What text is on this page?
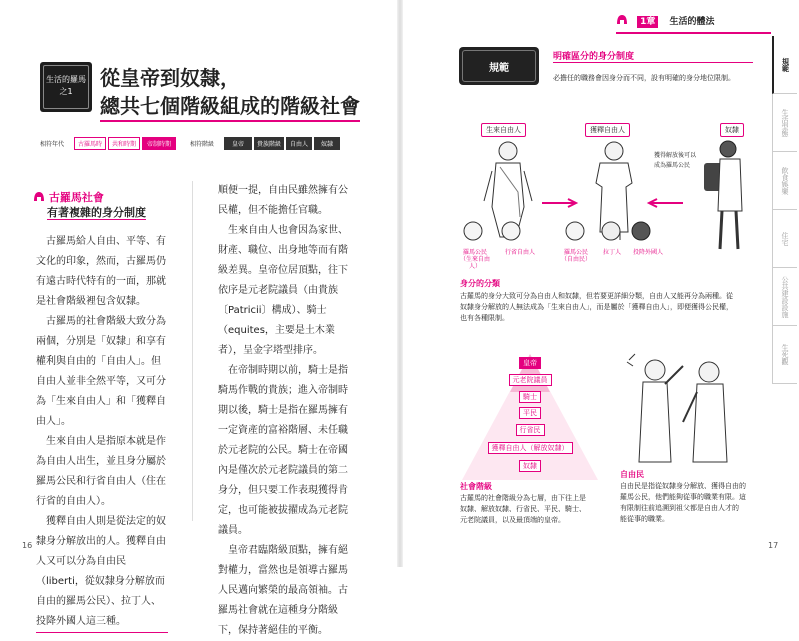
生活的羅馬
之1
從皇帝到奴隸，
總共七個階級組成的階級社會
相符年代	古羅馬時	共和時期	帝制時期	相符階級	皇帝	貴族階級	自由人	奴隸
古羅馬社會
有著複雜的身分制度

古羅馬給人自由、平等、有文化的印象，然而，古羅馬仍有遠古時代特有的一面，那就是社會階級裡包含奴隸。

古羅馬的社會階級大致分為兩個，分別是「奴隸」和享有權利與自由的「自由人」。但自由人並非全然平等，又可分為「生來自由人」和「獲釋自由人」。

生來自由人是指原本就是作為自由人出生，並且身分屬於羅馬公民和行省自由人（住在行省的自由人）。

獲釋自由人則是從法定的奴隸身分解放出的人。獲釋自由人又可以分為自由民（liberti，從奴隸身分解放而自由的羅馬公民）、拉丁人、投降外國人這三種。

順便一提，自由民雖然擁有公民權，但不能擔任官職。

生來自由人也會因為家世、財產、職位、出身地等而有階級差異。皇帝位居頂點，往下依序是元老院議員（由貴族〔Patricii〕構成）、騎士（equites，主要是土木業者），呈金字塔型排序。

在帝制時期以前，騎士是指騎馬作戰的貴族；進入帝制時期以後，騎士是指在羅馬擁有一定資產的富裕階層、未任職於元老院的公民。騎士在帝國內是僅次於元老院議員的第二身分，但只要工作表現獲得肯定，也可能被拔擢成為元老院議員。

皇帝君臨階級頂點，擁有絕對權力，當然也是領導古羅馬人民邁向繁榮的最高領袖。古羅馬社會就在這種身分階級下，保持著絕佳的平衡。

16
1章 生活的體法
規範
明確區分的身分制度
必擔任的職務會因身分而不同，設有明確的身分地位限制。
規範
生活型態
飲食娛樂
住宅
公共建設設施
生死觀
生來自由人	獲釋自由人	奴隸
獲得解放後可以
成為羅馬公民
羅馬公民（生來自由人）
行省自由人	羅馬公民（自由民）
拉丁人	投降外國人
身分的分類
古羅馬的身分大致可分為自由人和奴隸，但若要更詳細分類，自由人又能再分為兩種。從
奴隸身分解放的人無法成為「生來自由人」，而是屬於「獲釋自由人」，即便獲得公民權，
也有各種限制。
皇帝
元老院議員
騎士
平民
行省民
獲釋自由人（解放奴隸）
奴隸
社會階級
古羅馬的社會階級分為七層，由下往上是
奴隸、解放奴隸、行省民、平民、騎士、
元老院議員，以及最頂端的皇帝。
自由民
自由民是指從奴隸身分解放、獲得自由的
羅馬公民，他們能夠從事的職業有限。這
有限制往前追溯到祖父都是自由人才的
能從事的職業。
17
